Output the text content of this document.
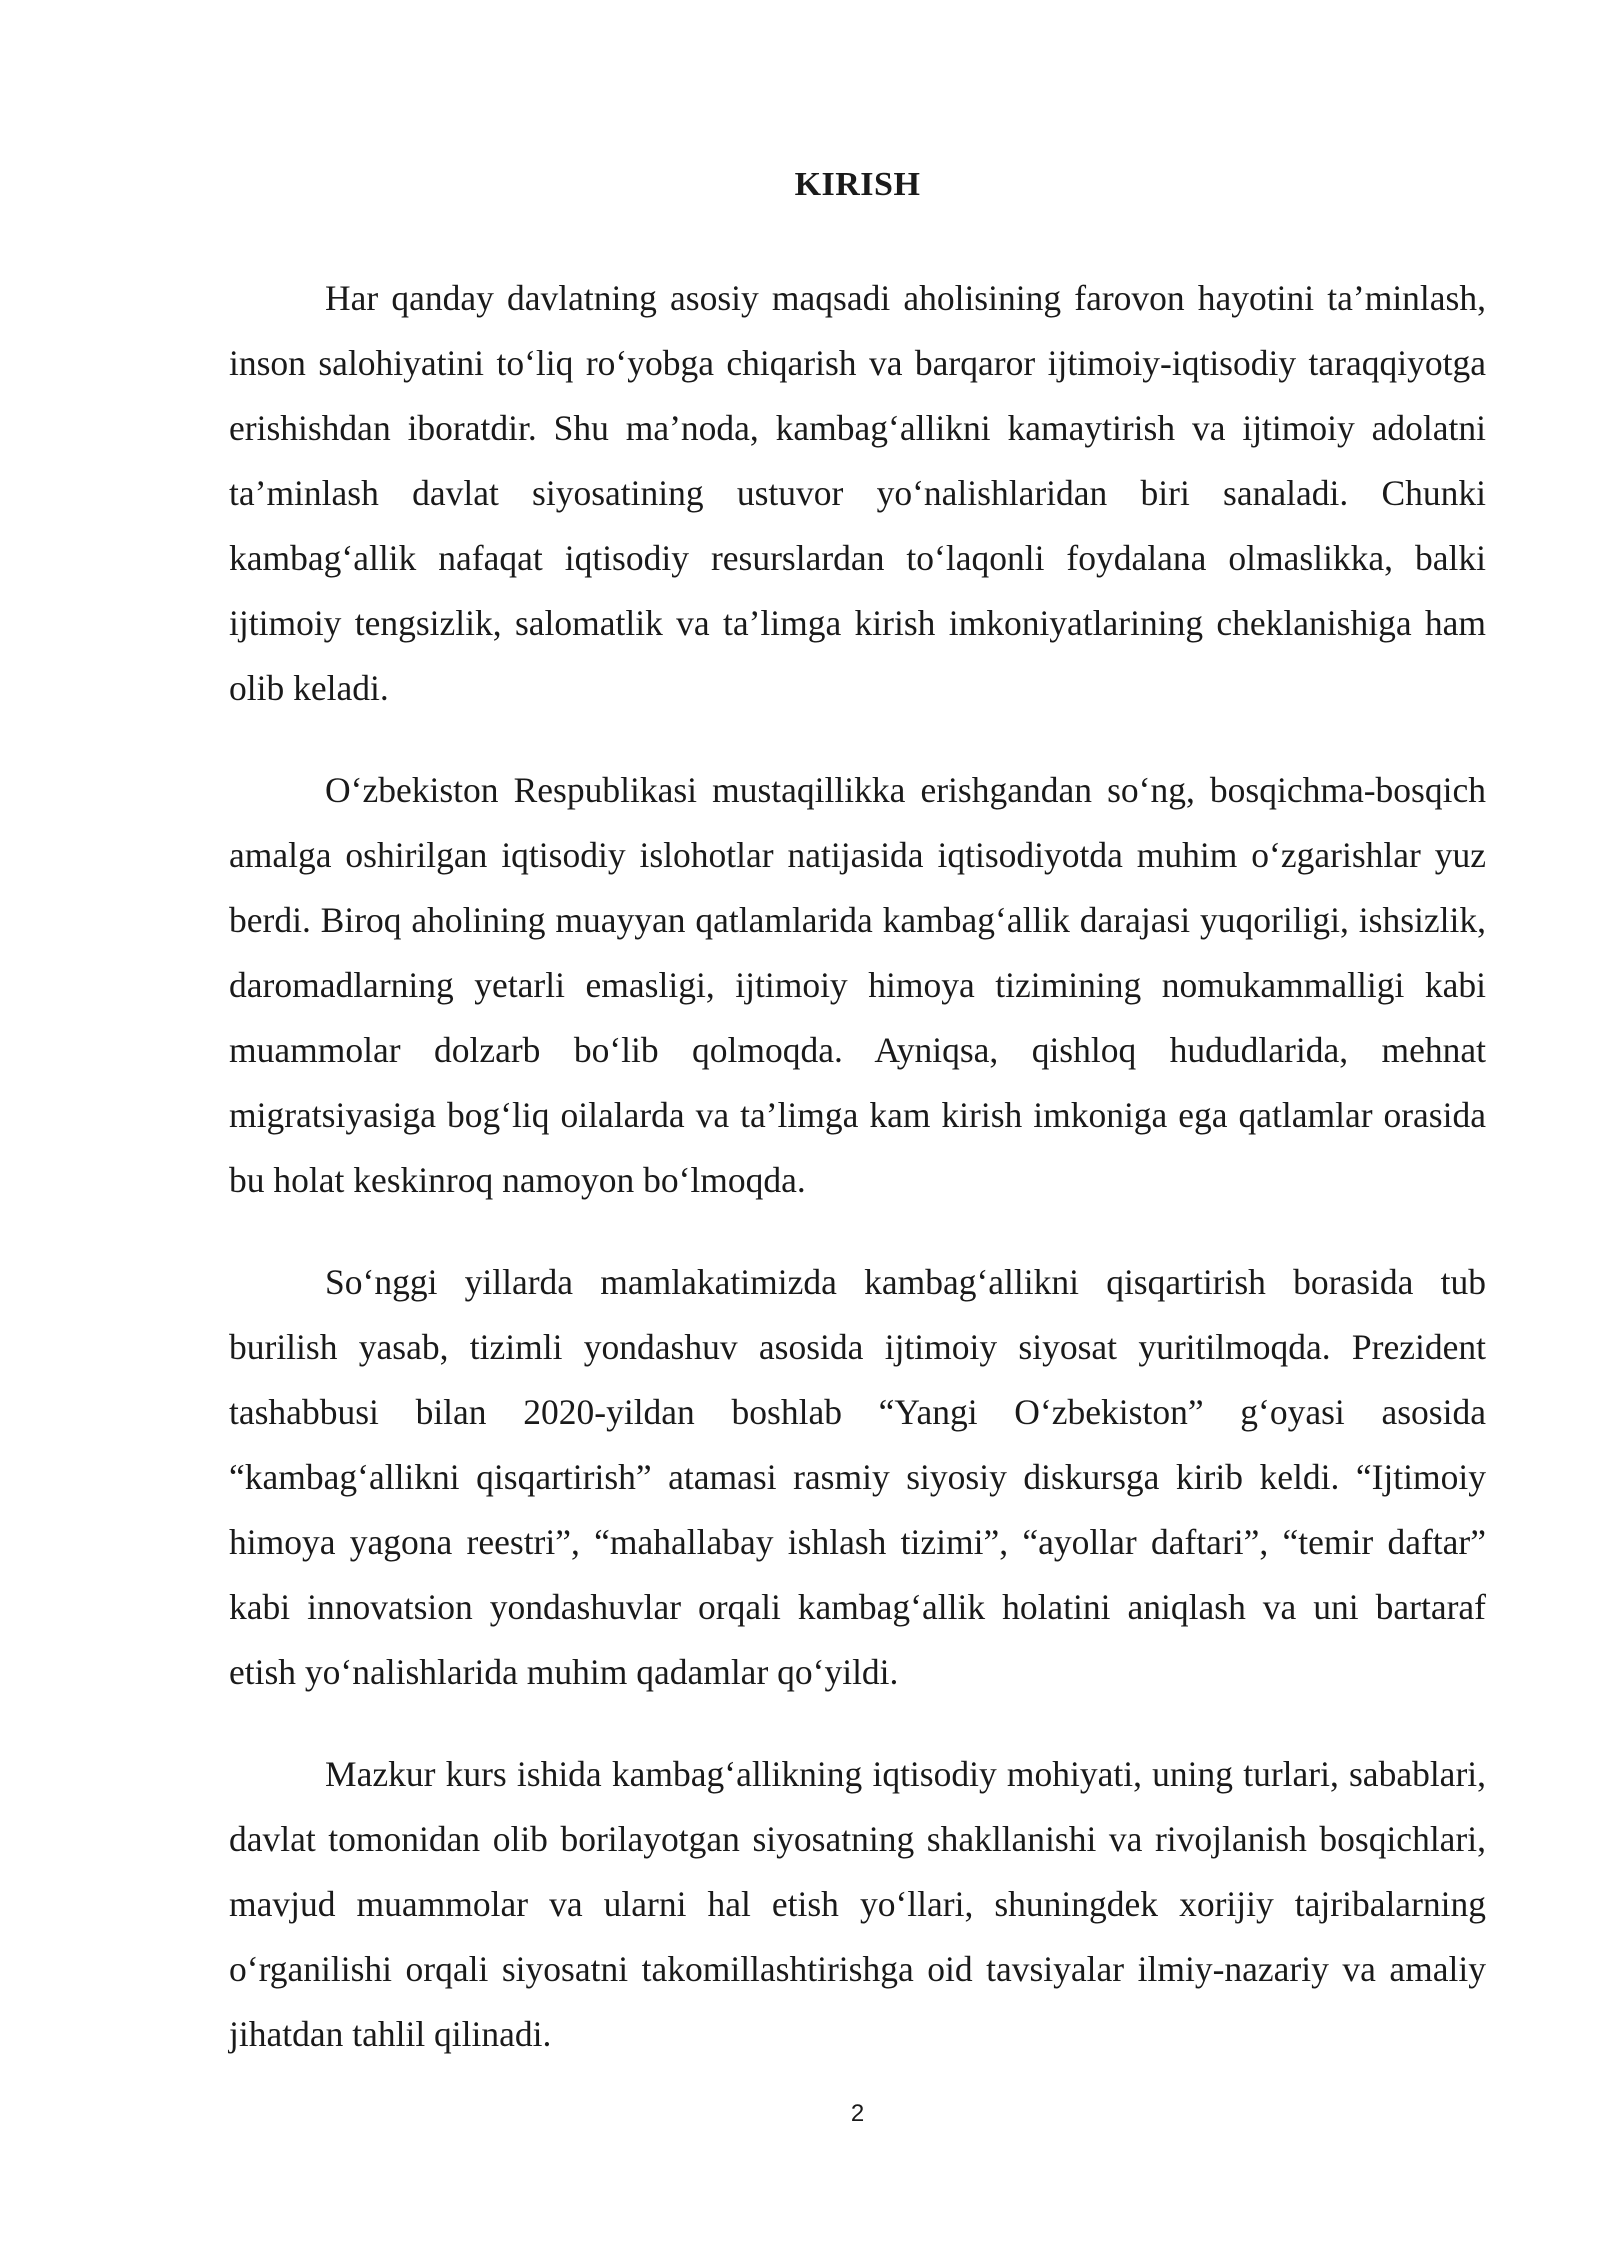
KIRISH

Har qanday davlatning asosiy maqsadi aholisining farovon hayotini ta’minlash, inson salohiyatini to‘liq ro‘yobga chiqarish va barqaror ijtimoiy-iqtisodiy taraqqiyotga erishishdan iboratdir. Shu ma’noda, kambag‘allikni kamaytirish va ijtimoiy adolatni ta’minlash davlat siyosatining ustuvor yo‘nalishlaridan biri sanaladi. Chunki kambag‘allik nafaqat iqtisodiy resurslardan to‘laqonli foydalana olmaslikka, balki ijtimoiy tengsizlik, salomatlik va ta’limga kirish imkoniyatlarining cheklanishiga ham olib keladi.

O‘zbekiston Respublikasi mustaqillikka erishgandan so‘ng, bosqichma-bosqich amalga oshirilgan iqtisodiy islohotlar natijasida iqtisodiyotda muhim o‘zgarishlar yuz berdi. Biroq aholining muayyan qatlamlarida kambag‘allik darajasi yuqoriligi, ishsizlik, daromadlarning yetarli emasligi, ijtimoiy himoya tizimining nomukammalligi kabi muammolar dolzarb bo‘lib qolmoqda. Ayniqsa, qishloq hududlarida, mehnat migratsiyasiga bog‘liq oilalarda va ta’limga kam kirish imkoniga ega qatlamlar orasida bu holat keskinroq namoyon bo‘lmoqda.

So‘nggi yillarda mamlakatimizda kambag‘allikni qisqartirish borasida tub burilish yasab, tizimli yondashuv asosida ijtimoiy siyosat yuritilmoqda. Prezident tashabbusi bilan 2020-yildan boshlab “Yangi O‘zbekiston” g‘oyasi asosida “kambag‘allikni qisqartirish” atamasi rasmiy siyosiy diskursga kirib keldi. “Ijtimoiy himoya yagona reestri”, “mahallabay ishlash tizimi”, “ayollar daftari”, “temir daftar” kabi innovatsion yondashuvlar orqali kambag‘allik holatini aniqlash va uni bartaraf etish yo‘nalishlarida muhim qadamlar qo‘yildi.

Mazkur kurs ishida kambag‘allikning iqtisodiy mohiyati, uning turlari, sabablari, davlat tomonidan olib borilayotgan siyosatning shakllanishi va rivojlanish bosqichlari, mavjud muammolar va ularni hal etish yo‘llari, shuningdek xorijiy tajribalarning o‘rganilishi orqali siyosatni takomillashtirishga oid tavsiyalar ilmiy-nazariy va amaliy jihatdan tahlil qilinadi.

2
